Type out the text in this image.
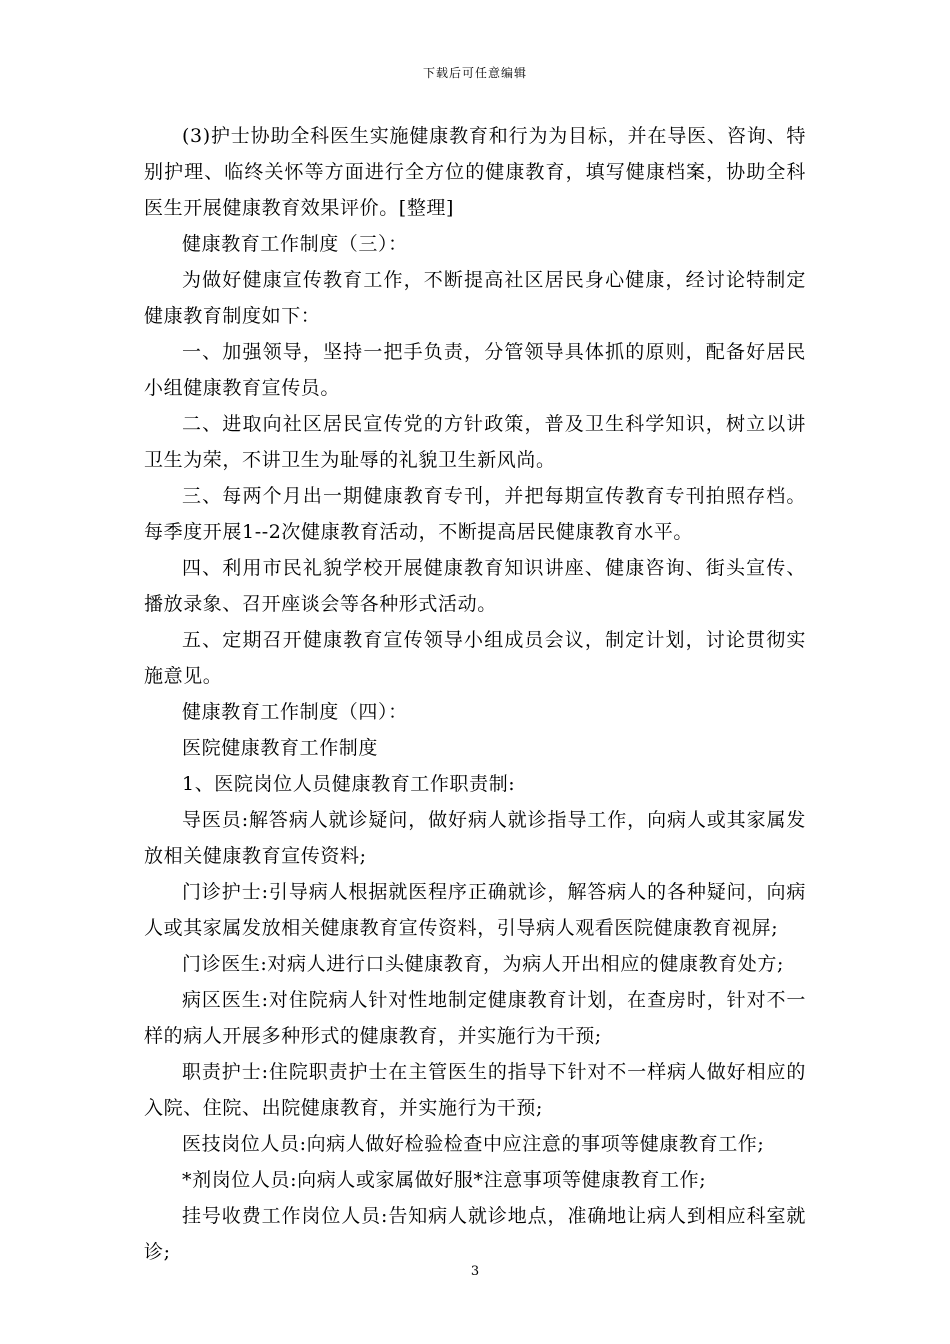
下载后可任意编辑

(3)护士协助全科医生实施健康教育和行为为目标，并在导医、咨询、特别护理、临终关怀等方面进行全方位的健康教育，填写健康档案，协助全科医生开展健康教育效果评价。[整理]

健康教育工作制度（三）：

为做好健康宣传教育工作，不断提高社区居民身心健康，经讨论特制定健康教育制度如下：

一、加强领导，坚持一把手负责，分管领导具体抓的原则，配备好居民小组健康教育宣传员。

二、进取向社区居民宣传党的方针政策，普及卫生科学知识，树立以讲卫生为荣，不讲卫生为耻辱的礼貌卫生新风尚。

三、每两个月出一期健康教育专刊，并把每期宣传教育专刊拍照存档。每季度开展1--2次健康教育活动，不断提高居民健康教育水平。

四、利用市民礼貌学校开展健康教育知识讲座、健康咨询、街头宣传、播放录象、召开座谈会等各种形式活动。

五、定期召开健康教育宣传领导小组成员会议，制定计划，讨论贯彻实施意见。

健康教育工作制度（四）：

医院健康教育工作制度

1、医院岗位人员健康教育工作职责制:

导医员:解答病人就诊疑问，做好病人就诊指导工作，向病人或其家属发放相关健康教育宣传资料;

门诊护士:引导病人根据就医程序正确就诊，解答病人的各种疑问，向病人或其家属发放相关健康教育宣传资料，引导病人观看医院健康教育视屏;

门诊医生:对病人进行口头健康教育，为病人开出相应的健康教育处方;

病区医生:对住院病人针对性地制定健康教育计划，在查房时，针对不一样的病人开展多种形式的健康教育，并实施行为干预;

职责护士:住院职责护士在主管医生的指导下针对不一样病人做好相应的入院、住院、出院健康教育，并实施行为干预;

医技岗位人员:向病人做好检验检查中应注意的事项等健康教育工作;

*剂岗位人员:向病人或家属做好服*注意事项等健康教育工作;

挂号收费工作岗位人员:告知病人就诊地点，准确地让病人到相应科室就诊;

3
